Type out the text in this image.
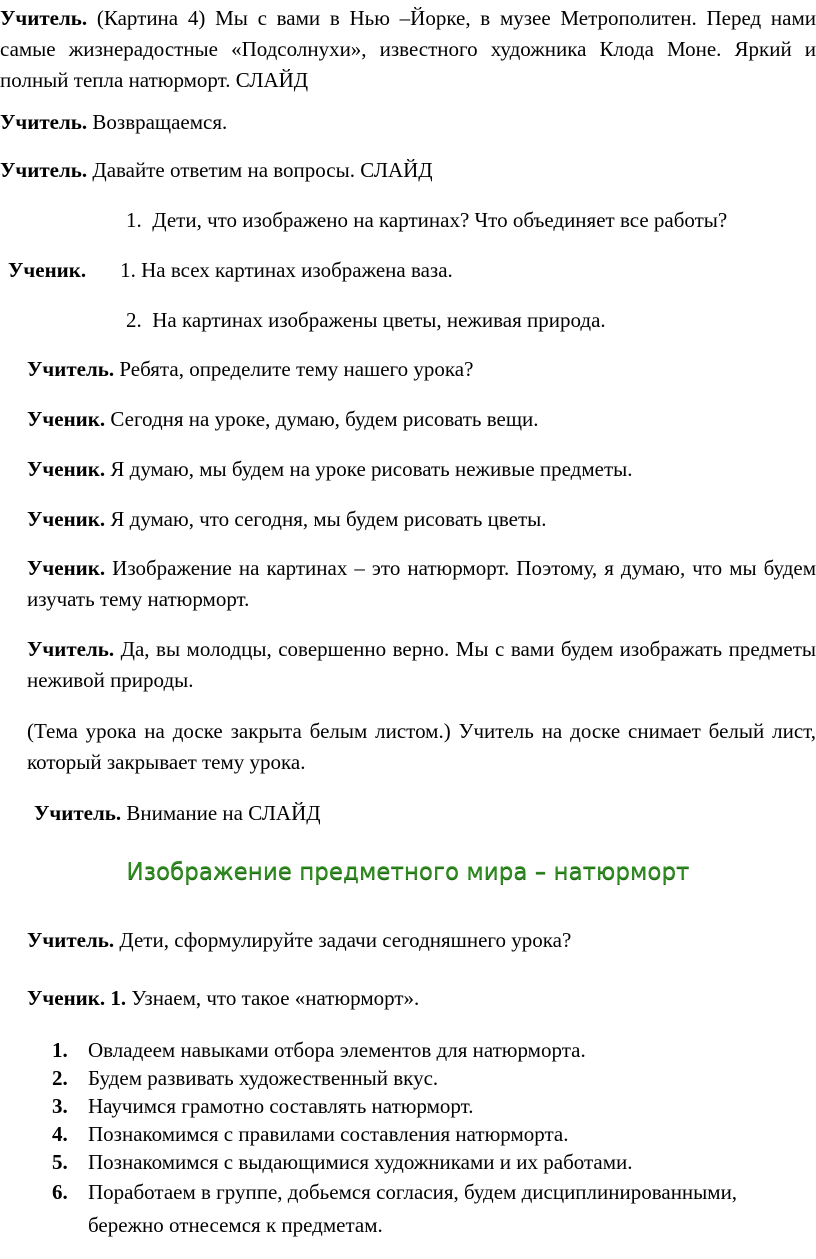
Учитель. (Картина 4) Мы с вами в Нью –Йорке, в музее Метрополитен. Перед нами самые жизнерадостные «Подсолнухи», известного художника Клода Моне. Яркий и полный тепла натюрморт. СЛАЙД

Учитель. Возвращаемся.

Учитель. Давайте ответим на вопросы. СЛАЙД

1. Дети, что изображено на картинах? Что объединяет все работы?

Ученик. 1. На всех картинах изображена ваза.

2. На картинах изображены цветы, неживая природа.

Учитель. Ребята, определите тему нашего урока?

Ученик. Сегодня на уроке, думаю, будем рисовать вещи.

Ученик. Я думаю, мы будем на уроке рисовать неживые предметы.

Ученик. Я думаю, что сегодня, мы будем рисовать цветы.

Ученик. Изображение на картинах – это натюрморт. Поэтому, я думаю, что мы будем изучать тему натюрморт.

Учитель. Да, вы молодцы, совершенно верно. Мы с вами будем изображать предметы неживой природы.

(Тема урока на доске закрыта белым листом.) Учитель на доске снимает белый лист, который закрывает тему урока.

Учитель. Внимание на СЛАЙД

Изображение предметного мира – натюрморт

Учитель. Дети, сформулируйте задачи сегодняшнего урока?

Ученик. 1. Узнаем, что такое «натюрморт».

1. Овладеем навыками отбора элементов для натюрморта.
2. Будем развивать художественный вкус.
3. Научимся грамотно составлять натюрморт.
4. Познакомимся с правилами составления натюрморта.
5. Познакомимся с выдающимися художниками и их работами.
6. Поработаем в группе, добьемся согласия, будем дисциплинированными, бережно отнесемся к предметам.
